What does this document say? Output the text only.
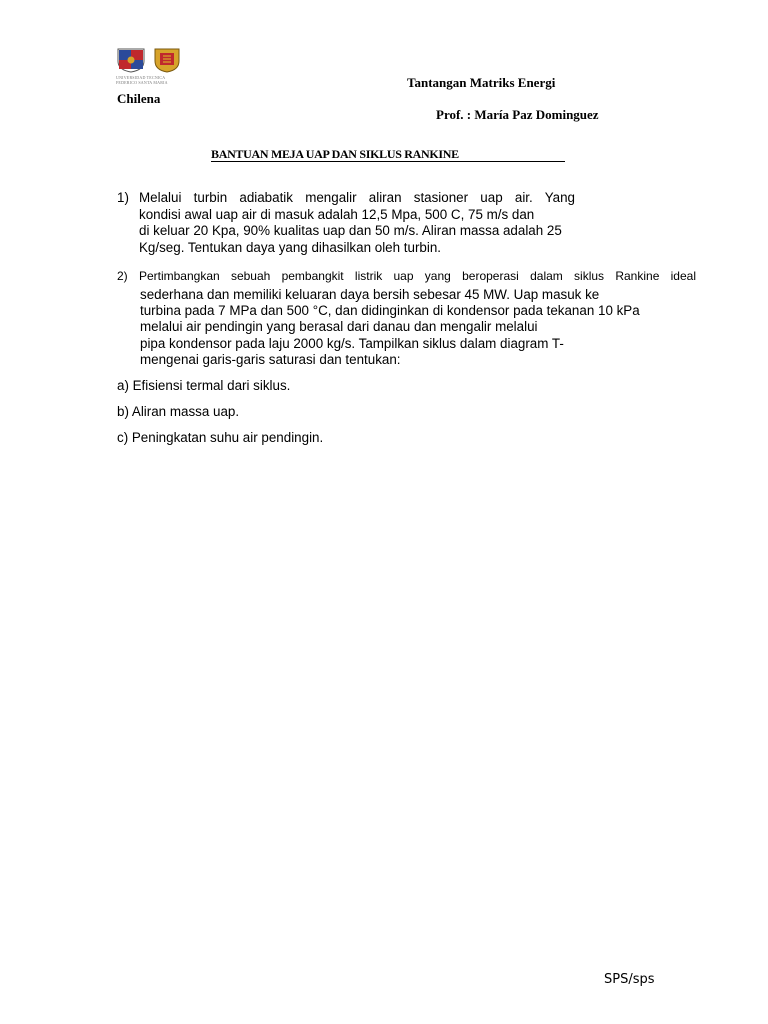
UNIVERSIDAD TECNICA
FEDERICO SANTA MARIA
Chilena
Tantangan Matriks Energi
Prof. : María Paz Dominguez
BANTUAN MEJA UAP DAN SIKLUS RANKINE
1) Melalui turbin adiabatik mengalir aliran stasioner uap air. Yang
kondisi awal uap air di masuk adalah 12,5 Mpa, 500 C, 75 m/s dan
di keluar 20 Kpa, 90% kualitas uap dan 50 m/s. Aliran massa adalah 25
Kg/seg. Tentukan daya yang dihasilkan oleh turbin.
2) Pertimbangkan sebuah pembangkit listrik uap yang beroperasi dalam siklus Rankine ideal
sederhana dan memiliki keluaran daya bersih sebesar 45 MW. Uap masuk ke
turbina pada 7 MPa dan 500 °C, dan didinginkan di kondensor pada tekanan 10 kPa
melalui air pendingin yang berasal dari danau dan mengalir melalui
pipa kondensor pada laju 2000 kg/s. Tampilkan siklus dalam diagram T-
mengenai garis-garis saturasi dan tentukan:
a) Efisiensi termal dari siklus.
b) Aliran massa uap.
c) Peningkatan suhu air pendingin.
SPS/sps
